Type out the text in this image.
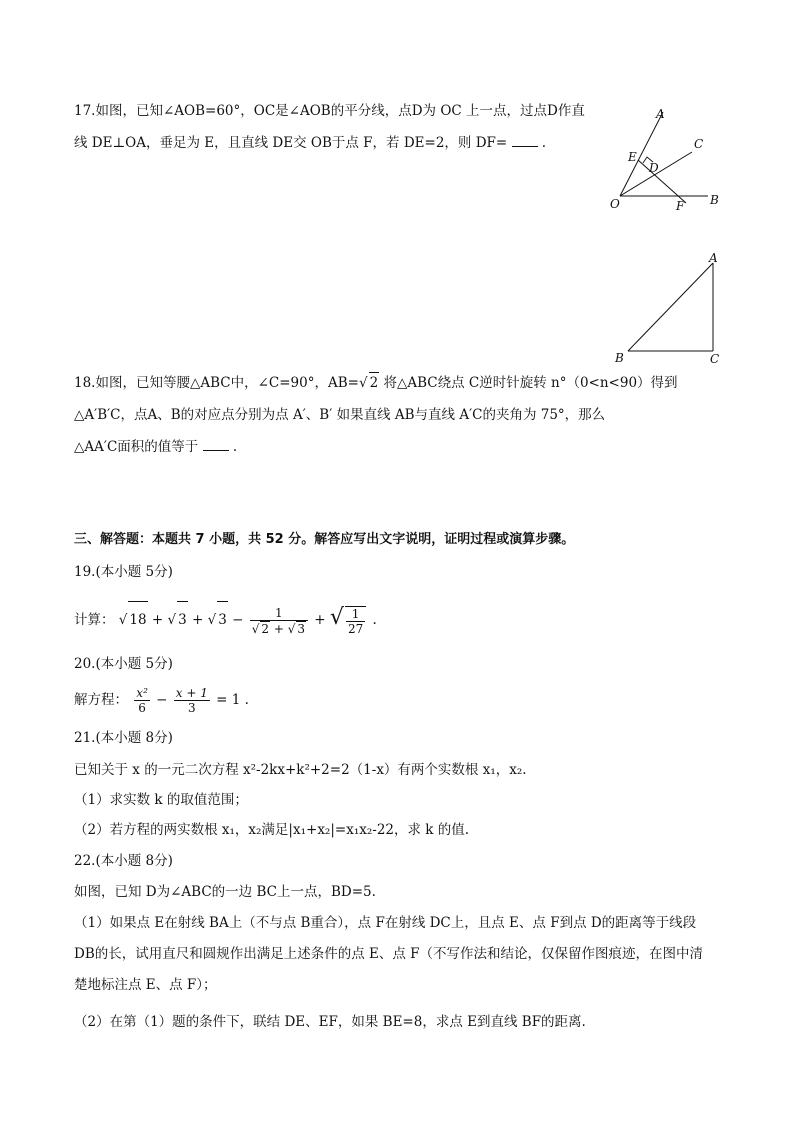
17.如图，已知∠AOB=60°，OC是∠AOB的平分线，点D为 OC 上一点，过点D作直
线 DE⊥OA，垂足为 E，且直线 DE交 OB于点 F，若 DE=2，则 DF=	.
A
C
E
D
O	F B
A
B	C
18.如图，已知等腰△ABC中，∠C=90°，AB=√ 2 将△ABC绕点 C逆时针旋转 n°（0<n<90）得到
△A′B′C，点A、B的对应点分别为点 A′、B′ 如果直线 AB与直线 A′C的夹角为 75°，那么
△AA′C面积的值等于	.
三、解答题：本题共 7 小题，共 52 分。解答应写出文字说明，证明过程或演算步骤。
19.(本小题 5分)
计算： √ 18 + √ 3 + √ $3 - \frac{1}{√ 2 + √ 3}$ + √ $\frac{1}{27}$ .
20.(本小题 5分)
解方程： $\frac{\text{x²}}{6} - \frac{x + 1}{3} = 1$ .
21.(本小题 8分)
已知关于 x 的一元二次方程 x²-2kx+k²+2=2（1-x）有两个实数根 x₁，x₂.
（1）求实数 k 的取值范围；
（2）若方程的两实数根 x₁，x₂满足|x₁+x₂|=x₁x₂-22，求 k 的值.
22.(本小题 8分)
如图，已知 D为∠ABC的一边 BC上一点，BD=5.
（1）如果点 E在射线 BA上（不与点 B重合），点 F在射线 DC上，且点 E、点 F到点 D的距离等于线段
DB的长，试用直尺和圆规作出满足上述条件的点 E、点 F（不写作法和结论，仅保留作图痕迹，在图中清
楚地标注点 E、点 F）；
（2）在第（1）题的条件下，联结 DE、EF，如果 BE=8，求点 E到直线 BF的距离.
